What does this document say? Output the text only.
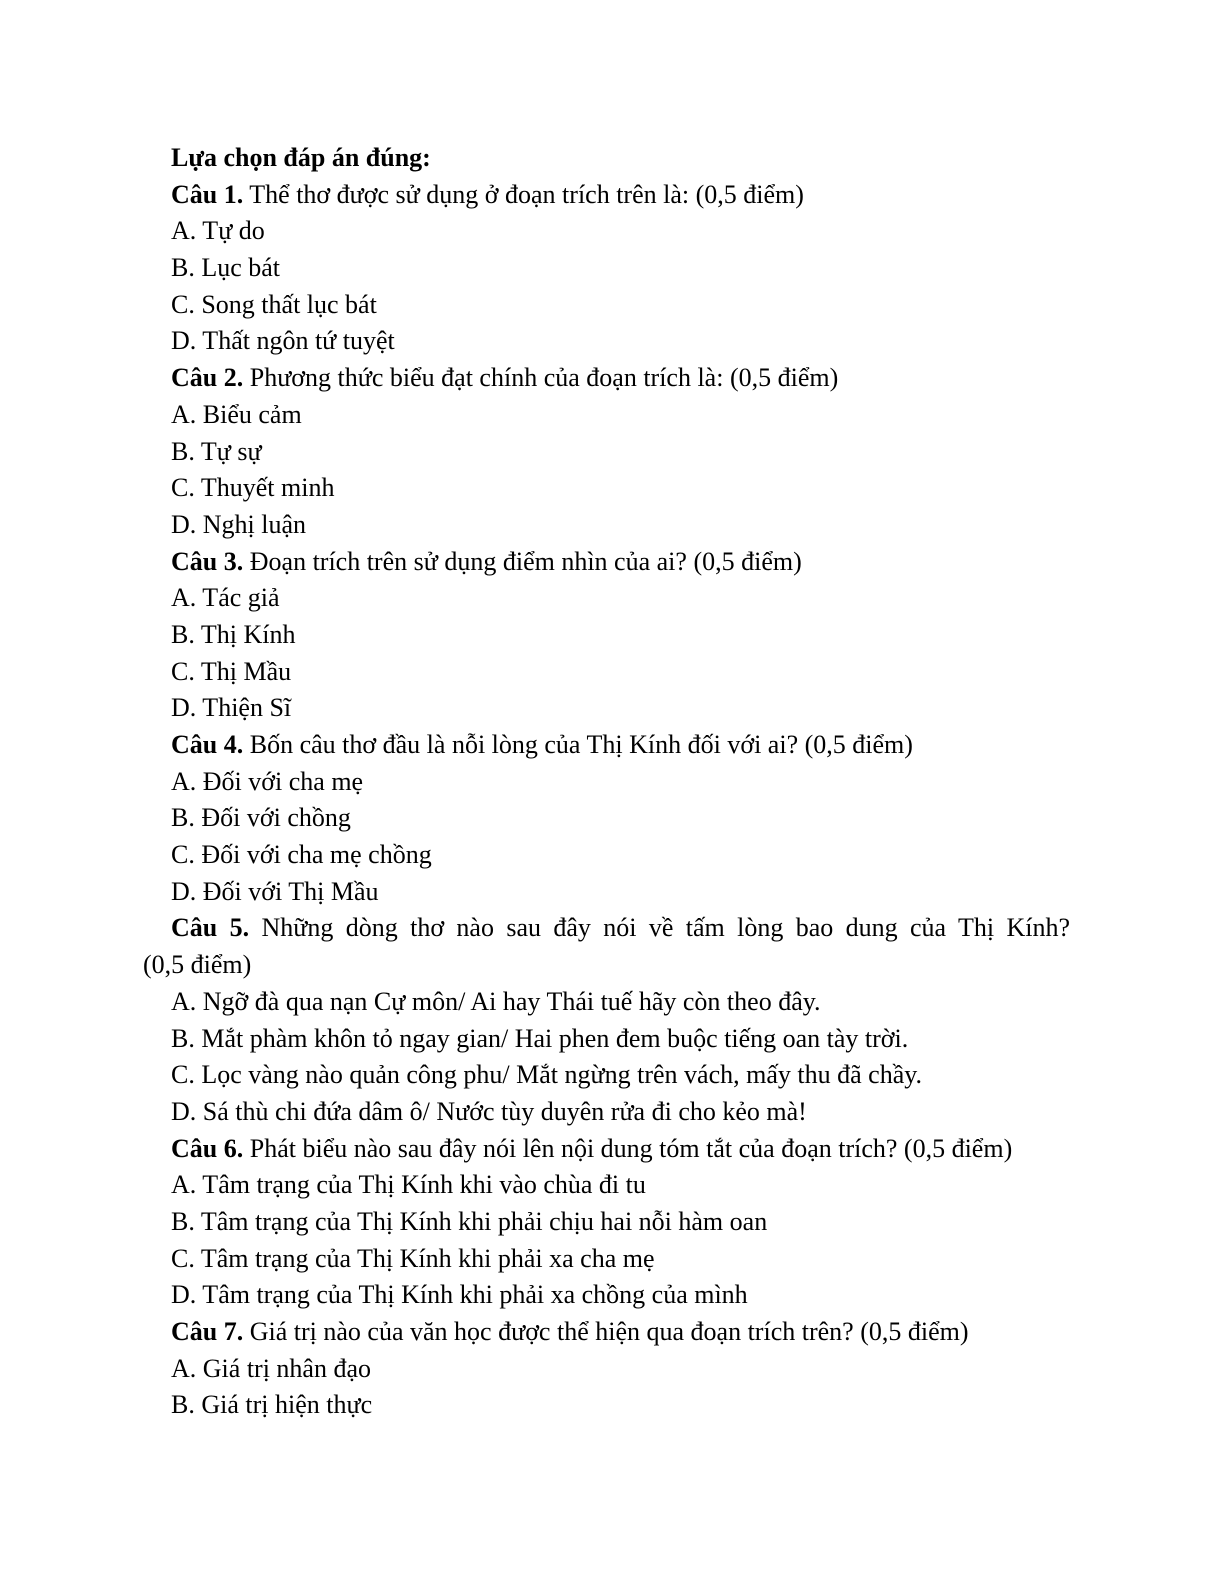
Lựa chọn đáp án đúng:
Câu 1. Thể thơ được sử dụng ở đoạn trích trên là: (0,5 điểm)
A. Tự do
B. Lục bát
C. Song thất lục bát
D. Thất ngôn tứ tuyệt
Câu 2. Phương thức biểu đạt chính của đoạn trích là: (0,5 điểm)
A. Biểu cảm
B. Tự sự
C. Thuyết minh
D. Nghị luận
Câu 3. Đoạn trích trên sử dụng điểm nhìn của ai? (0,5 điểm)
A. Tác giả
B. Thị Kính
C. Thị Mầu
D. Thiện Sĩ
Câu 4. Bốn câu thơ đầu là nỗi lòng của Thị Kính đối với ai? (0,5 điểm)
A. Đối với cha mẹ
B. Đối với chồng
C. Đối với cha mẹ chồng
D. Đối với Thị Mầu
Câu 5. Những dòng thơ nào sau đây nói về tấm lòng bao dung của Thị Kính?
(0,5 điểm)
A. Ngỡ đà qua nạn Cự môn/ Ai hay Thái tuế hãy còn theo đây.
B. Mắt phàm khôn tỏ ngay gian/ Hai phen đem buộc tiếng oan tày trời.
C. Lọc vàng nào quản công phu/ Mắt ngừng trên vách, mấy thu đã chầy.
D. Sá thù chi đứa dâm ô/ Nước tùy duyên rửa đi cho kẻo mà!
Câu 6. Phát biểu nào sau đây nói lên nội dung tóm tắt của đoạn trích? (0,5 điểm)
A. Tâm trạng của Thị Kính khi vào chùa đi tu
B. Tâm trạng của Thị Kính khi phải chịu hai nỗi hàm oan
C. Tâm trạng của Thị Kính khi phải xa cha mẹ
D. Tâm trạng của Thị Kính khi phải xa chồng của mình
Câu 7. Giá trị nào của văn học được thể hiện qua đoạn trích trên? (0,5 điểm)
A. Giá trị nhân đạo
B. Giá trị hiện thực
